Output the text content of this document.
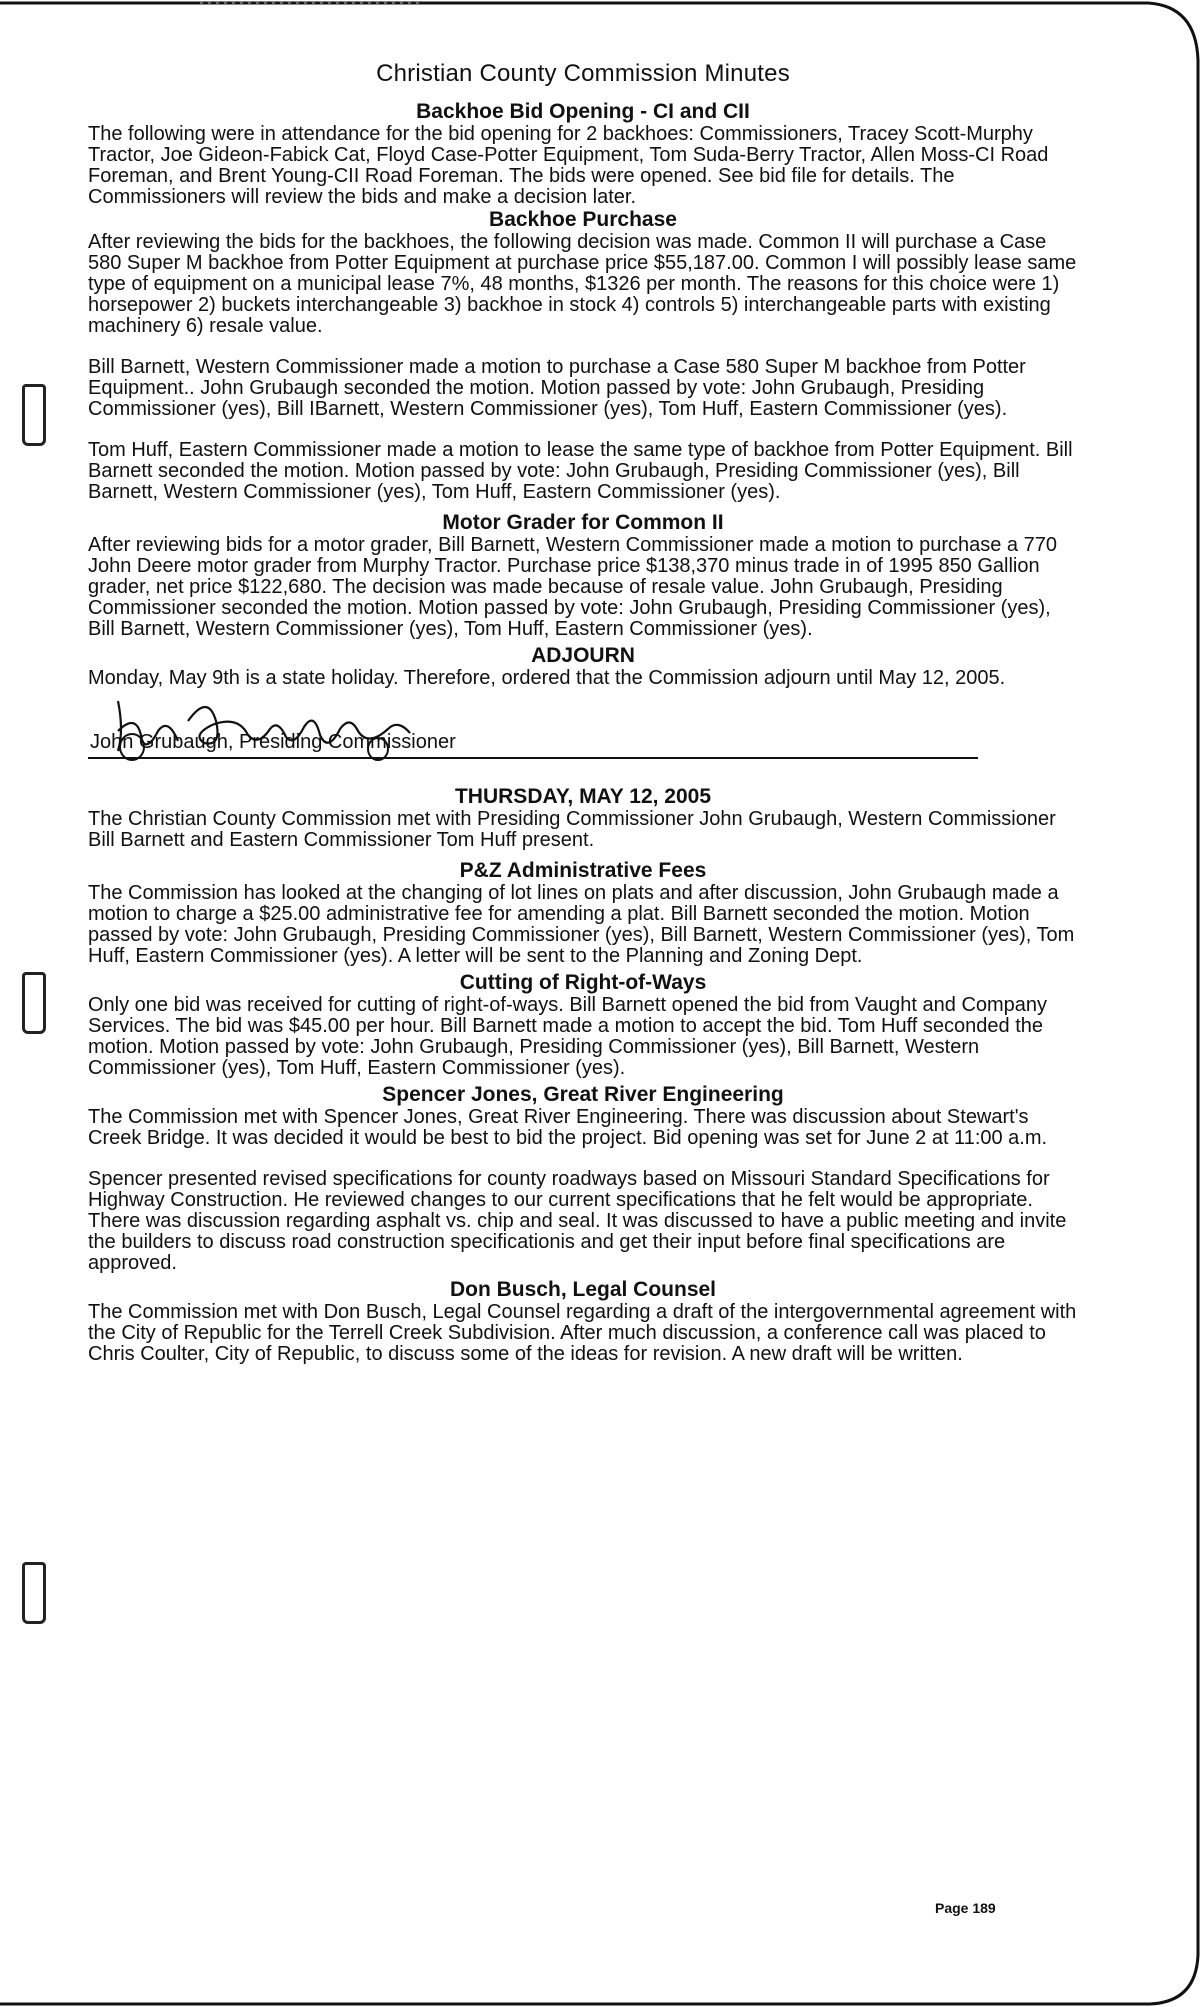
Christian County Commission Minutes
Backhoe Bid Opening - CI and CII

The following were in attendance for the bid opening for 2 backhoes: Commissioners, Tracey Scott-Murphy Tractor, Joe Gideon-Fabick Cat, Floyd Case-Potter Equipment, Tom Suda-Berry Tractor, Allen Moss-CI Road Foreman, and Brent Young-CII Road Foreman. The bids were opened. See bid file for details. The Commissioners will review the bids and make a decision later.

Backhoe Purchase

After reviewing the bids for the backhoes, the following decision was made. Common II will purchase a Case 580 Super M backhoe from Potter Equipment at purchase price $55,187.00. Common I will possibly lease same type of equipment on a municipal lease 7%, 48 months, $1326 per month. The reasons for this choice were 1) horsepower 2) buckets interchangeable 3) backhoe in stock 4) controls 5) interchangeable parts with existing machinery 6) resale value.

Bill Barnett, Western Commissioner made a motion to purchase a Case 580 Super M backhoe from Potter Equipment.. John Grubaugh seconded the motion. Motion passed by vote: John Grubaugh, Presiding Commissioner (yes), Bill IBarnett, Western Commissioner (yes), Tom Huff, Eastern Commissioner (yes).

Tom Huff, Eastern Commissioner made a motion to lease the same type of backhoe from Potter Equipment. Bill Barnett seconded the motion. Motion passed by vote: John Grubaugh, Presiding Commissioner (yes), Bill Barnett, Western Commissioner (yes), Tom Huff, Eastern Commissioner (yes).

Motor Grader for Common II

After reviewing bids for a motor grader, Bill Barnett, Western Commissioner made a motion to purchase a 770 John Deere motor grader from Murphy Tractor. Purchase price $138,370 minus trade in of 1995 850 Gallion grader, net price $122,680. The decision was made because of resale value. John Grubaugh, Presiding Commissioner seconded the motion. Motion passed by vote: John Grubaugh, Presiding Commissioner (yes), Bill Barnett, Western Commissioner (yes), Tom Huff, Eastern Commissioner (yes).

ADJOURN

Monday, May 9th is a state holiday. Therefore, ordered that the Commission adjourn until May 12, 2005.

John Grubaugh, Presiding Commissioner
THURSDAY, MAY 12, 2005

The Christian County Commission met with Presiding Commissioner John Grubaugh, Western Commissioner Bill Barnett and Eastern Commissioner Tom Huff present.

P&Z Administrative Fees

The Commission has looked at the changing of lot lines on plats and after discussion, John Grubaugh made a motion to charge a $25.00 administrative fee for amending a plat. Bill Barnett seconded the motion. Motion passed by vote: John Grubaugh, Presiding Commissioner (yes), Bill Barnett, Western Commissioner (yes), Tom Huff, Eastern Commissioner (yes). A letter will be sent to the Planning and Zoning Dept.

Cutting of Right-of-Ways

Only one bid was received for cutting of right-of-ways. Bill Barnett opened the bid from Vaught and Company Services. The bid was $45.00 per hour. Bill Barnett made a motion to accept the bid. Tom Huff seconded the motion. Motion passed by vote: John Grubaugh, Presiding Commissioner (yes), Bill Barnett, Western Commissioner (yes), Tom Huff, Eastern Commissioner (yes).

Spencer Jones, Great River Engineering

The Commission met with Spencer Jones, Great River Engineering. There was discussion about Stewart's Creek Bridge. It was decided it would be best to bid the project. Bid opening was set for June 2 at 11:00 a.m.

Spencer presented revised specifications for county roadways based on Missouri Standard Specifications for Highway Construction. He reviewed changes to our current specifications that he felt would be appropriate. There was discussion regarding asphalt vs. chip and seal. It was discussed to have a public meeting and invite the builders to discuss road construction specificationis and get their input before final specifications are approved.

Don Busch, Legal Counsel

The Commission met with Don Busch, Legal Counsel regarding a draft of the intergovernmental agreement with the City of Republic for the Terrell Creek Subdivision. After much discussion, a conference call was placed to Chris Coulter, City of Republic, to discuss some of the ideas for revision. A new draft will be written.

Page 189
